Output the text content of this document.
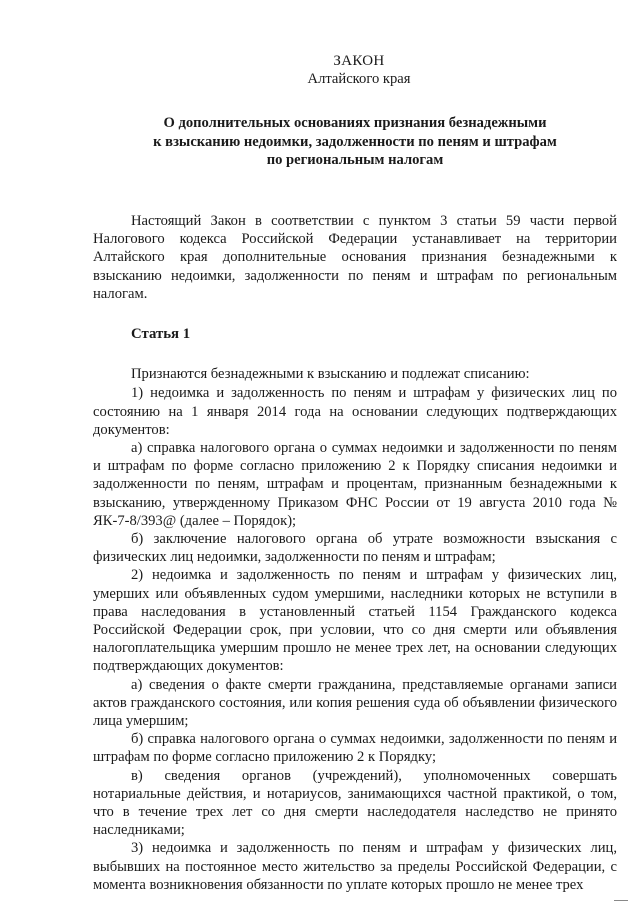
ЗАКОН
Алтайского края
О дополнительных основаниях признания безнадежными
к взысканию недоимки, задолженности по пеням и штрафам
по региональным налогам

Настоящий Закон в соответствии с пунктом 3 статьи 59 части первой Налогового кодекса Российской Федерации устанавливает на территории Алтайского края дополнительные основания признания безнадежными к взысканию недоимки, задолженности по пеням и штрафам по региональным налогам.

Статья 1

Признаются безнадежными к взысканию и подлежат списанию:

1) недоимка и задолженность по пеням и штрафам у физических лиц по состоянию на 1 января 2014 года на основании следующих подтверждающих документов:

а) справка налогового органа о суммах недоимки и задолженности по пеням и штрафам по форме согласно приложению 2 к Порядку списания недоимки и задолженности по пеням, штрафам и процентам, признанным безнадежными к взысканию, утвержденному Приказом ФНС России от 19 августа 2010 года № ЯК-7-8/393@ (далее – Порядок);

б) заключение налогового органа об утрате возможности взыскания с физических лиц недоимки, задолженности по пеням и штрафам;

2) недоимка и задолженность по пеням и штрафам у физических лиц, умерших или объявленных судом умершими, наследники которых не вступили в права наследования в установленный статьей 1154 Гражданского кодекса Российской Федерации срок, при условии, что со дня смерти или объявления налогоплательщика умершим прошло не менее трех лет, на основании следующих подтверждающих документов:

а) сведения о факте смерти гражданина, представляемые органами записи актов гражданского состояния, или копия решения суда об объявлении физического лица умершим;

б) справка налогового органа о суммах недоимки, задолженности по пеням и штрафам по форме согласно приложению 2 к Порядку;

в) сведения органов (учреждений), уполномоченных совершать нотариальные действия, и нотариусов, занимающихся частной практикой, о том, что в течение трех лет со дня смерти наследодателя наследство не принято наследниками;

3) недоимка и задолженность по пеням и штрафам у физических лиц, выбывших на постоянное место жительство за пределы Российской Федерации, с момента возникновения обязанности по уплате которых прошло не менее трех
